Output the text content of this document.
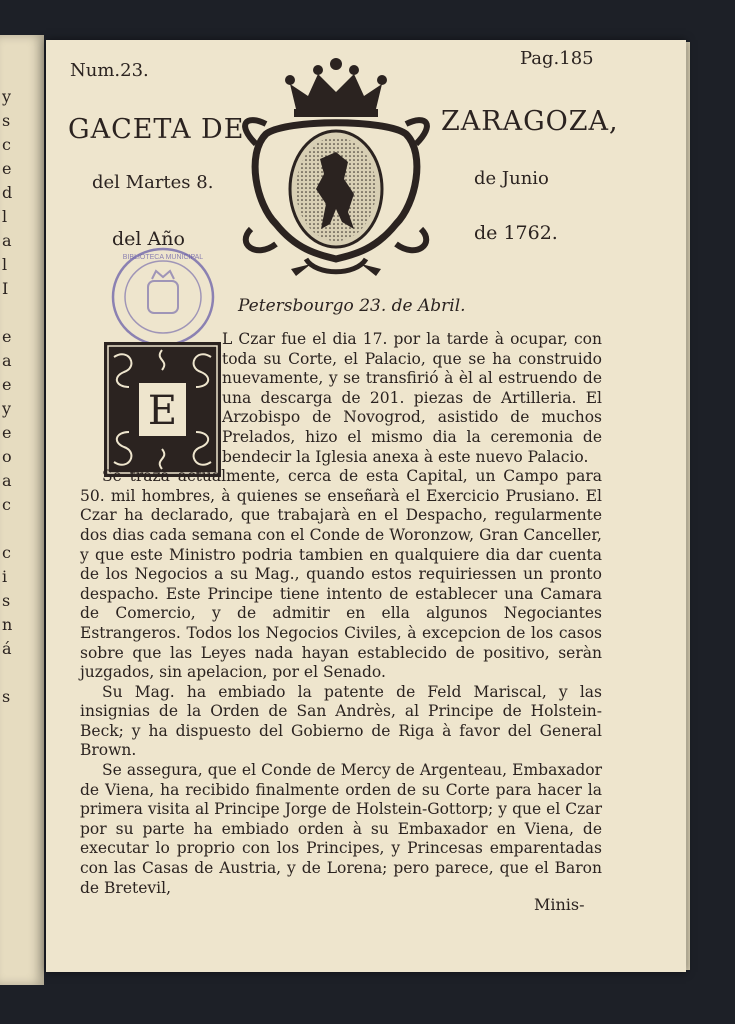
y
s
c
e
d
l
a
l
I

e
a
e
y
e
o
a
c

c
i
s
n
á

s
Num.23.
Pag.185
GACETA DE	ZARAGOZA,
del Martes 8.	de Junio
del Año	de 1762.
BIBLIOTECA MUNICIPAL
Petersbourgo 23. de Abril.
E

L Czar fue el dia 17. por la tarde à ocupar, con toda su Corte, el Palacio, que se ha construido nuevamente, y se transfirió à èl al estruendo de una descarga de 201. piezas de Artilleria. El Arzobispo de Novogrod, asistido de muchos Prelados, hizo el mismo dia la ceremonia de bendecir la Iglesia anexa à este nuevo Palacio.

Se traza actualmente, cerca de esta Capital, un Campo para 50. mil hombres, à quienes se enseñarà el Exercicio Prusiano. El Czar ha declarado, que trabajarà en el Despacho, regularmente dos dias cada semana con el Conde de Woronzow, Gran Canceller, y que este Ministro podria tambien en qualquiere dia dar cuenta de los Negocios a su Mag., quando estos requiriessen un pronto despacho. Este Principe tiene intento de establecer una Camara de Comercio, y de admitir en ella algunos Negociantes Estrangeros. Todos los Negocios Civiles, à excepcion de los casos sobre que las Leyes nada hayan establecido de positivo, seràn juzgados, sin apelacion, por el Senado.

Su Mag. ha embiado la patente de Feld Mariscal, y las insignias de la Orden de San Andrès, al Principe de Holstein-Beck; y ha dispuesto del Gobierno de Riga à favor del General Brown.

Se assegura, que el Conde de Mercy de Argenteau, Embaxador de Viena, ha recibido finalmente orden de su Corte para hacer la primera visita al Principe Jorge de Holstein-Gottorp; y que el Czar por su parte ha embiado orden à su Embaxador en Viena, de executar lo proprio con los Principes, y Princesas emparentadas con las Casas de Austria, y de Lorena; pero parece, que el Baron de Bretevil,

Minis-
